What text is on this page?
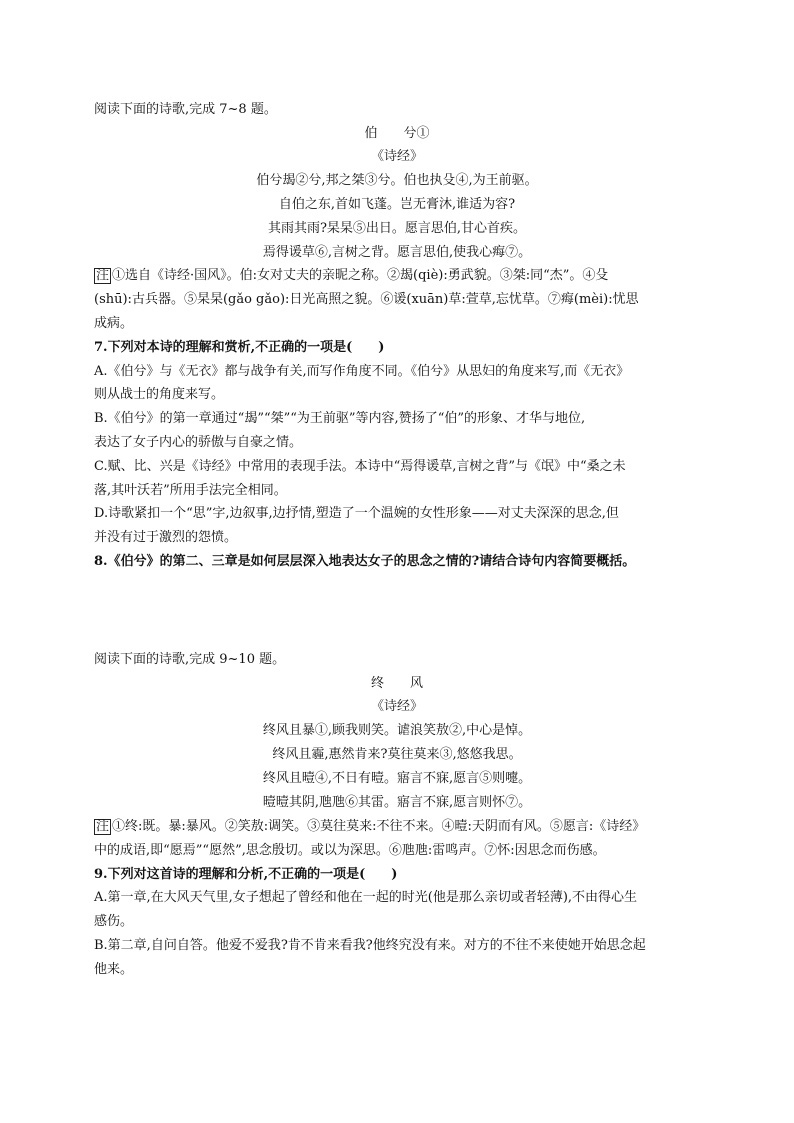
阅读下面的诗歌,完成 7~8 题。
伯　　兮①
《诗经》
伯兮朅②兮,邦之桀③兮。伯也执殳④,为王前驱。
自伯之东,首如飞蓬。岂无膏沐,谁适为容?
其雨其雨?杲杲⑤出日。愿言思伯,甘心首疾。
焉得谖草⑥,言树之背。愿言思伯,使我心痗⑦。
注 ①选自《诗经·国风》。伯:女对丈夫的亲昵之称。②朅(qiè):勇武貌。③桀:同“杰”。④殳
(shū):古兵器。⑤杲杲(gǎo gǎo):日光高照之貌。⑥谖(xuān)草:萱草,忘忧草。⑦痗(mèi):忧思
成病。
7.下列对本诗的理解和赏析,不正确的一项是(　　)
A.《伯兮》与《无衣》都与战争有关,而写作角度不同。《伯兮》从思妇的角度来写,而《无衣》
则从战士的角度来写。
B.《伯兮》的第一章通过“朅”“桀”“为王前驱”等内容,赞扬了“伯”的形象、才华与地位,
表达了女子内心的骄傲与自豪之情。
C.赋、比、兴是《诗经》中常用的表现手法。本诗中“焉得谖草,言树之背”与《氓》中“桑之未
落,其叶沃若”所用手法完全相同。
D.诗歌紧扣一个“思”字,边叙事,边抒情,塑造了一个温婉的女性形象——对丈夫深深的思念,但
并没有过于激烈的怨愤。
8.《伯兮》的第二、三章是如何层层深入地表达女子的思念之情的?请结合诗句内容简要概括。
阅读下面的诗歌,完成 9~10 题。
终　　风
《诗经》
终风且暴①,顾我则笑。谑浪笑敖②,中心是悼。
终风且霾,惠然肯来?莫往莫来③,悠悠我思。
终风且曀④,不日有曀。寤言不寐,愿言⑤则嚏。
曀曀其阴,虺虺⑥其雷。寤言不寐,愿言则怀⑦。
注 ①终:既。暴:暴风。②笑敖:调笑。③莫往莫来:不往不来。④曀:天阴而有风。⑤愿言:《诗经》
中的成语,即“愿焉”“愿然”,思念殷切。或以为深思。⑥虺虺:雷鸣声。⑦怀:因思念而伤感。
9.下列对这首诗的理解和分析,不正确的一项是(　　)
A.第一章,在大风天气里,女子想起了曾经和他在一起的时光(他是那么亲切或者轻薄),不由得心生
感伤。
B.第二章,自问自答。他爱不爱我?肯不肯来看我?他终究没有来。对方的不往不来使她开始思念起
他来。
